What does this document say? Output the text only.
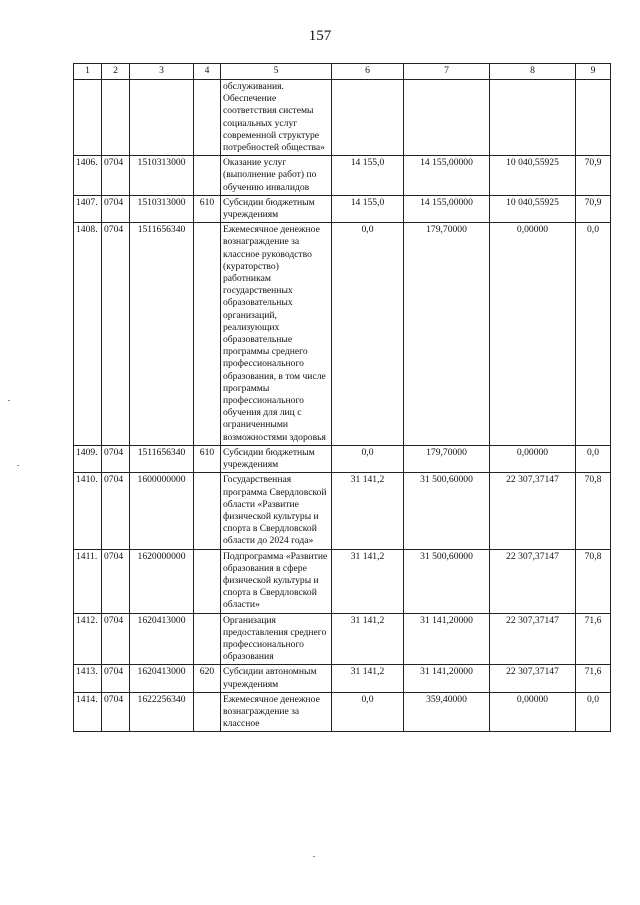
157
1	2	3	4	5	6	7	8	9
				обслуживания. Обеспечение соответствия системы социальных услуг современной структуре потребностей общества»				
1406.	0704	1510313000		Оказание услуг (выполнение работ) по обучению инвалидов	14 155,0	14 155,00000	10 040,55925	70,9
1407.	0704	1510313000	610	Субсидии бюджетным учреждениям	14 155,0	14 155,00000	10 040,55925	70,9
1408.	0704	1511656340		Ежемесячное денежное вознаграждение за классное руководство (кураторство) работникам государственных образовательных организаций, реализующих образовательные программы среднего профессионального образования, в том числе программы профессионального обучения для лиц с ограниченными возможностями здоровья	0,0	179,70000	0,00000	0,0
1409.	0704	1511656340	610	Субсидии бюджетным учреждениям	0,0	179,70000	0,00000	0,0
1410.	0704	1600000000		Государственная программа Свердловской области «Развитие физической культуры и спорта в Свердловской области до 2024 года»	31 141,2	31 500,60000	22 307,37147	70,8
1411.	0704	1620000000		Подпрограмма «Развитие образования в сфере физической культуры и спорта в Свердловской области»	31 141,2	31 500,60000	22 307,37147	70,8
1412.	0704	1620413000		Организация предоставления среднего профессионального образования	31 141,2	31 141,20000	22 307,37147	71,6
1413.	0704	1620413000	620	Субсидии автономным учреждениям	31 141,2	31 141,20000	22 307,37147	71,6
1414.	0704	1622256340		Ежемесячное денежное вознаграждение за классное	0,0	359,40000	0,00000	0,0
